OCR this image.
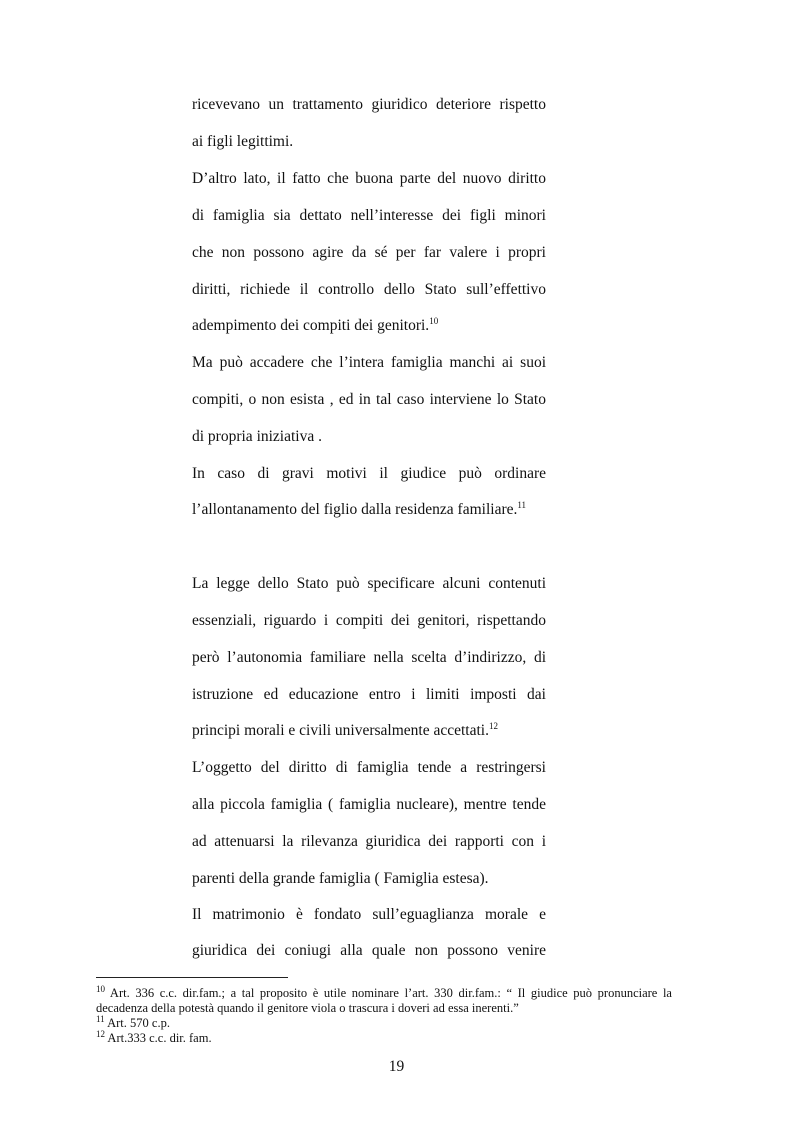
ricevevano un trattamento giuridico deteriore rispetto
ai figli legittimi.
D’altro lato, il fatto che buona parte del nuovo diritto
di famiglia sia dettato nell’interesse dei figli minori
che non possono agire da sé per far valere i propri
diritti, richiede il controllo dello Stato sull’effettivo
adempimento dei compiti dei genitori.$^{10}$
Ma può accadere che l’intera famiglia manchi ai suoi
compiti, o non esista , ed in tal caso interviene lo Stato
di propria iniziativa .
In caso di gravi motivi il giudice può ordinare
l’allontanamento del figlio dalla residenza familiare.$^{11}$
La legge dello Stato può specificare alcuni contenuti
essenziali, riguardo i compiti dei genitori, rispettando
però l’autonomia familiare nella scelta d’indirizzo, di
istruzione ed educazione entro i limiti imposti dai
principi morali e civili universalmente accettati.$^{12}$
L’oggetto del diritto di famiglia tende a restringersi
alla piccola famiglia ( famiglia nucleare), mentre tende
ad attenuarsi la rilevanza giuridica dei rapporti con i
parenti della grande famiglia ( Famiglia estesa).
Il matrimonio è fondato sull’eguaglianza morale e
giuridica dei coniugi alla quale non possono venire
$^{10}$ Art. 336 c.c. dir.fam.; a tal proposito è utile nominare l’art. 330 dir.fam.: “ Il giudice può pronunciare la
decadenza della potestà quando il genitore viola o trascura i doveri ad essa inerenti.”
$^{11}$ Art. 570 c.p.
$^{12}$ Art.333 c.c. dir. fam.
19
